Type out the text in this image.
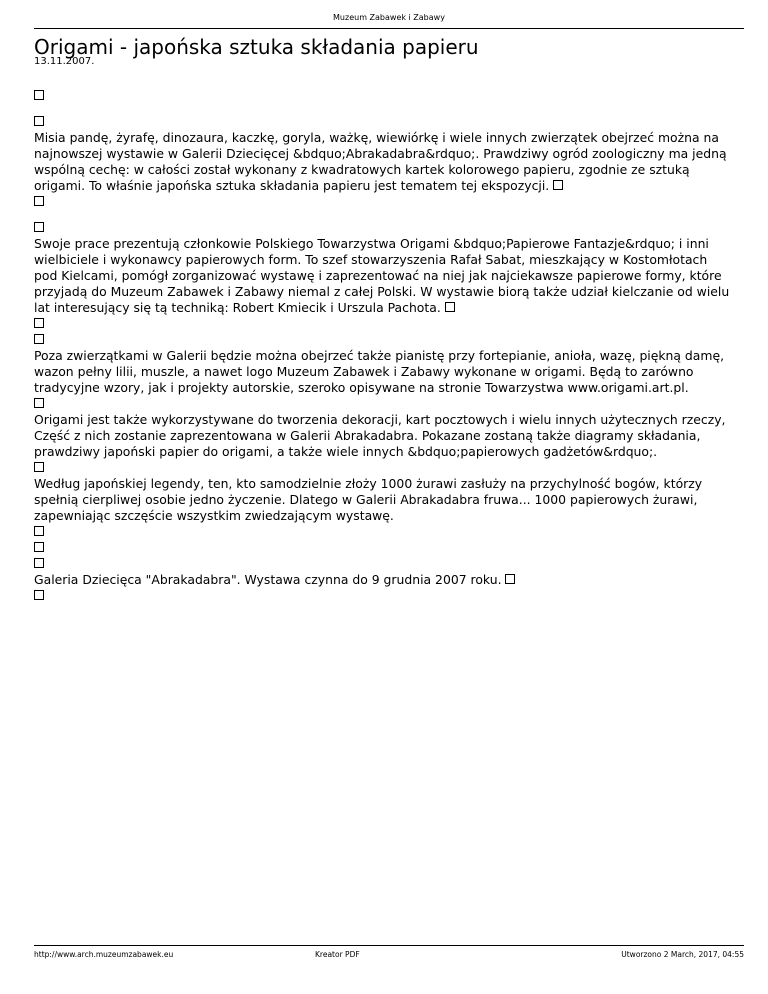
Muzeum Zabawek i Zabawy
Origami - japońska sztuka składania papieru
13.11.2007.
Misia pandę, żyrafę, dinozaura, kaczkę, goryla, ważkę, wiewiórkę i wiele innych zwierzątek obejrzeć można na najnowszej wystawie w Galerii Dziecięcej &bdquo;Abrakadabra&rdquo;. Prawdziwy ogród zoologiczny ma jedną wspólną cechę: w całości został wykonany z kwadratowych kartek kolorowego papieru, zgodnie ze sztuką origami. To właśnie japońska sztuka składania papieru jest tematem tej ekspozycji.
Swoje prace prezentują członkowie Polskiego Towarzystwa Origami &bdquo;Papierowe Fantazje&rdquo; i inni wielbiciele i wykonawcy papierowych form. To szef stowarzyszenia Rafał Sabat, mieszkający w Kostomłotach pod Kielcami, pomógł zorganizować wystawę i zaprezentować na niej jak najciekawsze papierowe formy, które przyjadą do Muzeum Zabawek i Zabawy niemal z całej Polski. W wystawie biorą także udział kielczanie od wielu lat interesujący się tą techniką: Robert Kmiecik i Urszula Pachota.
Poza zwierzątkami w Galerii będzie można obejrzeć także pianistę przy fortepianie, anioła, wazę, piękną damę, wazon pełny lilii, muszle, a nawet logo Muzeum Zabawek i Zabawy wykonane w origami. Będą to zarówno tradycyjne wzory, jak i projekty autorskie, szeroko opisywane na stronie Towarzystwa www.origami.art.pl.
Origami jest także wykorzystywane do tworzenia dekoracji, kart pocztowych i wielu innych użytecznych rzeczy, Część z nich zostanie zaprezentowana w Galerii Abrakadabra. Pokazane zostaną także diagramy składania, prawdziwy japoński papier do origami, a także wiele innych &bdquo;papierowych gadżetów&rdquo;.
Według japońskiej legendy, ten, kto samodzielnie złoży 1000 żurawi zasłuży na przychylność bogów, którzy spełnią cierpliwej osobie jedno życzenie. Dlatego w Galerii Abrakadabra fruwa... 1000 papierowych żurawi, zapewniając szczęście wszystkim zwiedzającym wystawę.
Galeria Dziecięca "Abrakadabra". Wystawa czynna do 9 grudnia 2007 roku.
http://www.arch.muzeumzabawek.eu	Kreator PDF	Utworzono 2 March, 2017, 04:55
